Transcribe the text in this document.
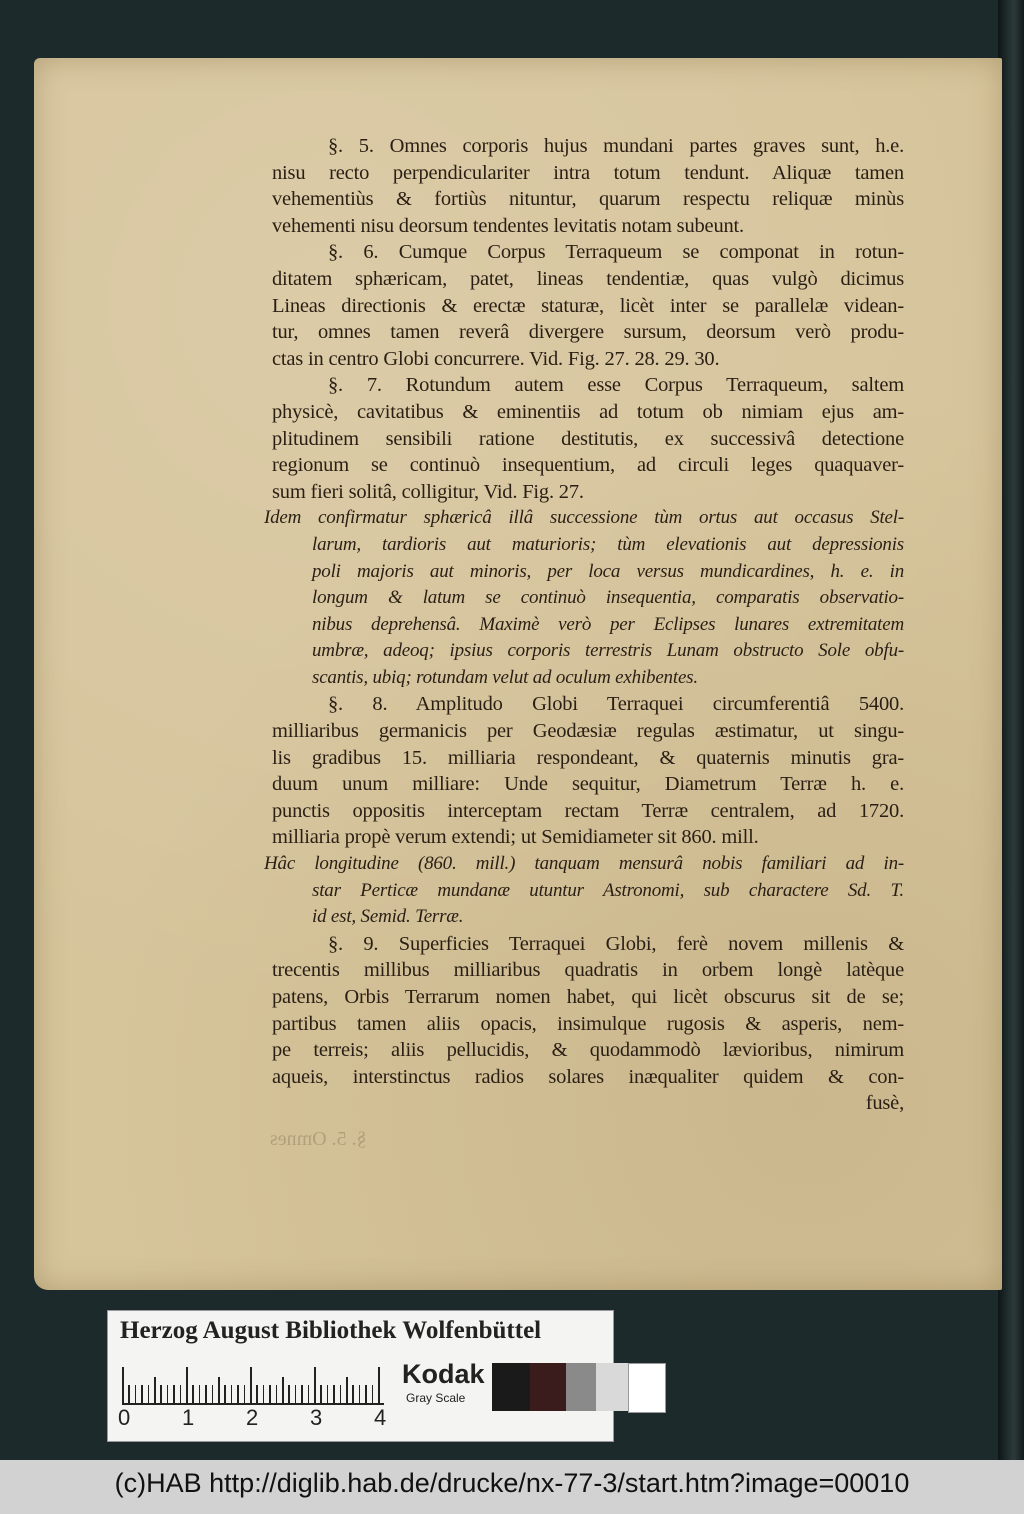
§. 5. Omnes corporis hujus mundani partes graves sunt, h.e.
nisu recto perpendiculariter intra totum tendunt. Aliquæ tamen
vehementiùs & fortiùs nituntur, quarum respectu reliquæ minùs
vehementi nisu deorsum tendentes levitatis notam subeunt.
§. 6. Cumque Corpus Terraqueum se componat in rotun-
ditatem sphæricam, patet, lineas tendentiæ, quas vulgò dicimus
Lineas directionis & erectæ staturæ, licèt inter se parallelæ videan-
tur, omnes tamen reverâ divergere sursum, deorsum verò produ-
ctas in centro Globi concurrere. Vid. Fig. 27. 28. 29. 30.
§. 7. Rotundum autem esse Corpus Terraqueum, saltem
physicè, cavitatibus & eminentiis ad totum ob nimiam ejus am-
plitudinem sensibili ratione destitutis, ex successivâ detectione
regionum se continuò insequentium, ad circuli leges quaquaver-
sum fieri solitâ, colligitur, Vid. Fig. 27.
Idem confirmatur sphæricâ illâ successione tùm ortus aut occasus Stel-
larum, tardioris aut maturioris; tùm elevationis aut depressionis
poli majoris aut minoris, per loca versus mundicardines, h. e. in
longum & latum se continuò insequentia, comparatis observatio-
nibus deprehensâ. Maximè verò per Eclipses lunares extremitatem
umbræ, adeoq; ipsius corporis terrestris Lunam obstructo Sole obfu-
scantis, ubiq; rotundam velut ad oculum exhibentes.
§. 8. Amplitudo Globi Terraquei circumferentiâ 5400.
milliaribus germanicis per Geodæsiæ regulas æstimatur, ut singu-
lis gradibus 15. milliaria respondeant, & quaternis minutis gra-
duum unum milliare: Unde sequitur, Diametrum Terræ h. e.
punctis oppositis interceptam rectam Terræ centralem, ad 1720.
milliaria propè verum extendi; ut Semidiameter sit 860. mill.
Hâc longitudine (860. mill.) tanquam mensurâ nobis familiari ad in-
star Perticæ mundanæ utuntur Astronomi, sub charactere Sd. T.
id est, Semid. Terræ.
§. 9. Superficies Terraquei Globi, ferè novem millenis &
trecentis millibus milliaribus quadratis in orbem longè latèque
patens, Orbis Terrarum nomen habet, qui licèt obscurus sit de se;
partibus tamen aliis opacis, insimulque rugosis & asperis, nem-
pe terreis; aliis pellucidis, & quodammodò lævioribus, nimirum
aqueis, interstinctus radios solares inæqualiter quidem & con-
fusè,
§. 5. Omnes
Herzog August Bibliothek Wolfenbüttel
0 1 2 3 4
Kodak
Gray Scale
(c)HAB http://diglib.hab.de/drucke/nx-77-3/start.htm?image=00010
